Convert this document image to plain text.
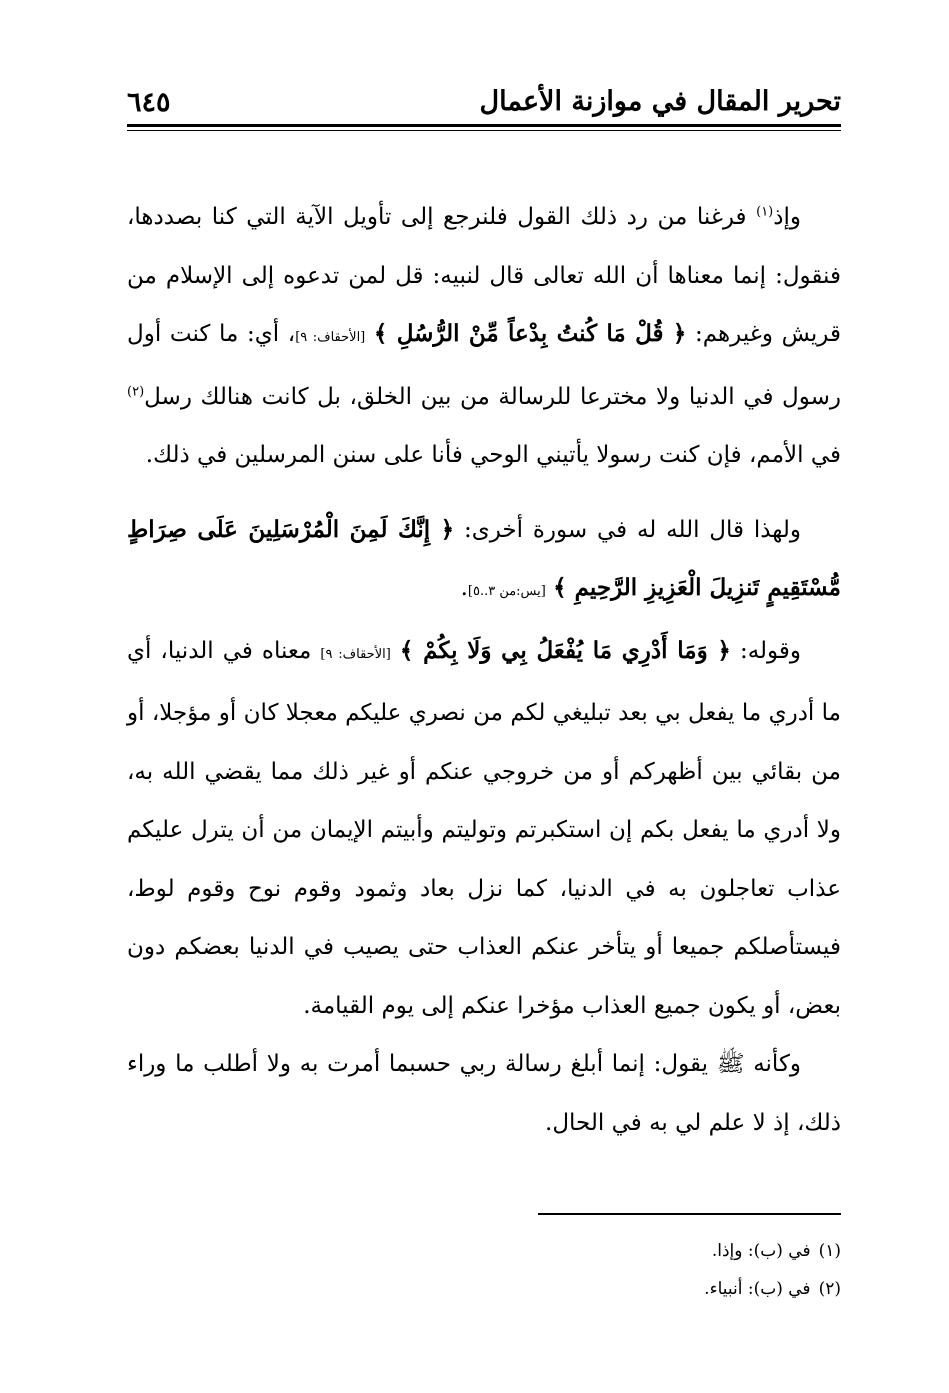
تحرير المقال في موازنة الأعمال
٦٤٥

وإذ$^{(١)}$ فرغنا من رد ذلك القول فلنرجع إلى تأويل الآية التي كنا بصددها، فنقول: إنما معناها أن الله تعالى قال لنبيه: قل لمن تدعوه إلى الإسلام من قريش وغيرهم: ﴿ قُلْ مَا كُنتُ بِدْعاً مِّنْ الرُّسُلِ ﴾ [الأحقاف: ٩]، أي: ما كنت أول رسول في الدنيا ولا مخترعا للرسالة من بين الخلق، بل كانت هنالك رسل$^{(٢)}$ في الأمم، فإن كنت رسولا يأتيني الوحي فأنا على سنن المرسلين في ذلك.

ولهذا قال الله له في سورة أخرى: ﴿ إِنَّكَ لَمِنَ الْمُرْسَلِينَ عَلَى صِرَاطٍ مُّسْتَقِيمٍ تَنزِيلَ الْعَزِيزِ الرَّحِيمِ ﴾ [يس:من ٣..٥].

وقوله: ﴿ وَمَا أَدْرِي مَا يُفْعَلُ بِي وَلَا بِكُمْ ﴾ [الأحقاف: ٩] معناه في الدنيا، أي ما أدري ما يفعل بي بعد تبليغي لكم من نصري عليكم معجلا كان أو مؤجلا، أو من بقائي بين أظهركم أو من خروجي عنكم أو غير ذلك مما يقضي الله به، ولا أدري ما يفعل بكم إن استكبرتم وتوليتم وأبيتم الإيمان من أن يترل عليكم عذاب تعاجلون به في الدنيا، كما نزل بعاد وثمود وقوم نوح وقوم لوط، فيستأصلكم جميعا أو يتأخر عنكم العذاب حتى يصيب في الدنيا بعضكم دون بعض، أو يكون جميع العذاب مؤخرا عنكم إلى يوم القيامة.

وكأنه ﷺ يقول: إنما أبلغ رسالة ربي حسبما أمرت به ولا أطلب ما وراء ذلك، إذ لا علم لي به في الحال.

(١)في (ب): وإذا.
(٢)في (ب): أنبياء.
